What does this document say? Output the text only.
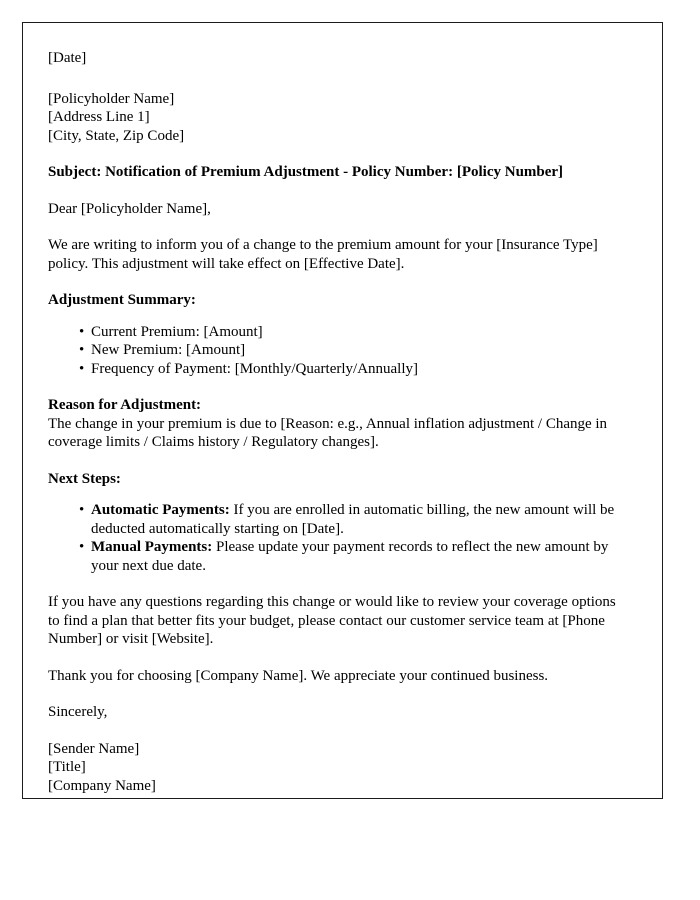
[Date]

[Policyholder Name]

[Address Line 1]

[City, State, Zip Code]

Subject: Notification of Premium Adjustment - Policy Number: [Policy Number]

Dear [Policyholder Name],

We are writing to inform you of a change to the premium amount for your [Insurance Type] policy. This adjustment will take effect on [Effective Date].

Adjustment Summary:

• Current Premium: [Amount]
• New Premium: [Amount]
• Frequency of Payment: [Monthly/Quarterly/Annually]

Reason for Adjustment:

The change in your premium is due to [Reason: e.g., Annual inflation adjustment / Change in coverage limits / Claims history / Regulatory changes].

Next Steps:

• Automatic Payments: If you are enrolled in automatic billing, the new amount will be deducted automatically starting on [Date].
• Manual Payments: Please update your payment records to reflect the new amount by your next due date.

If you have any questions regarding this change or would like to review your coverage options to find a plan that better fits your budget, please contact our customer service team at [Phone Number] or visit [Website].

Thank you for choosing [Company Name]. We appreciate your continued business.

Sincerely,

[Sender Name]

[Title]

[Company Name]
